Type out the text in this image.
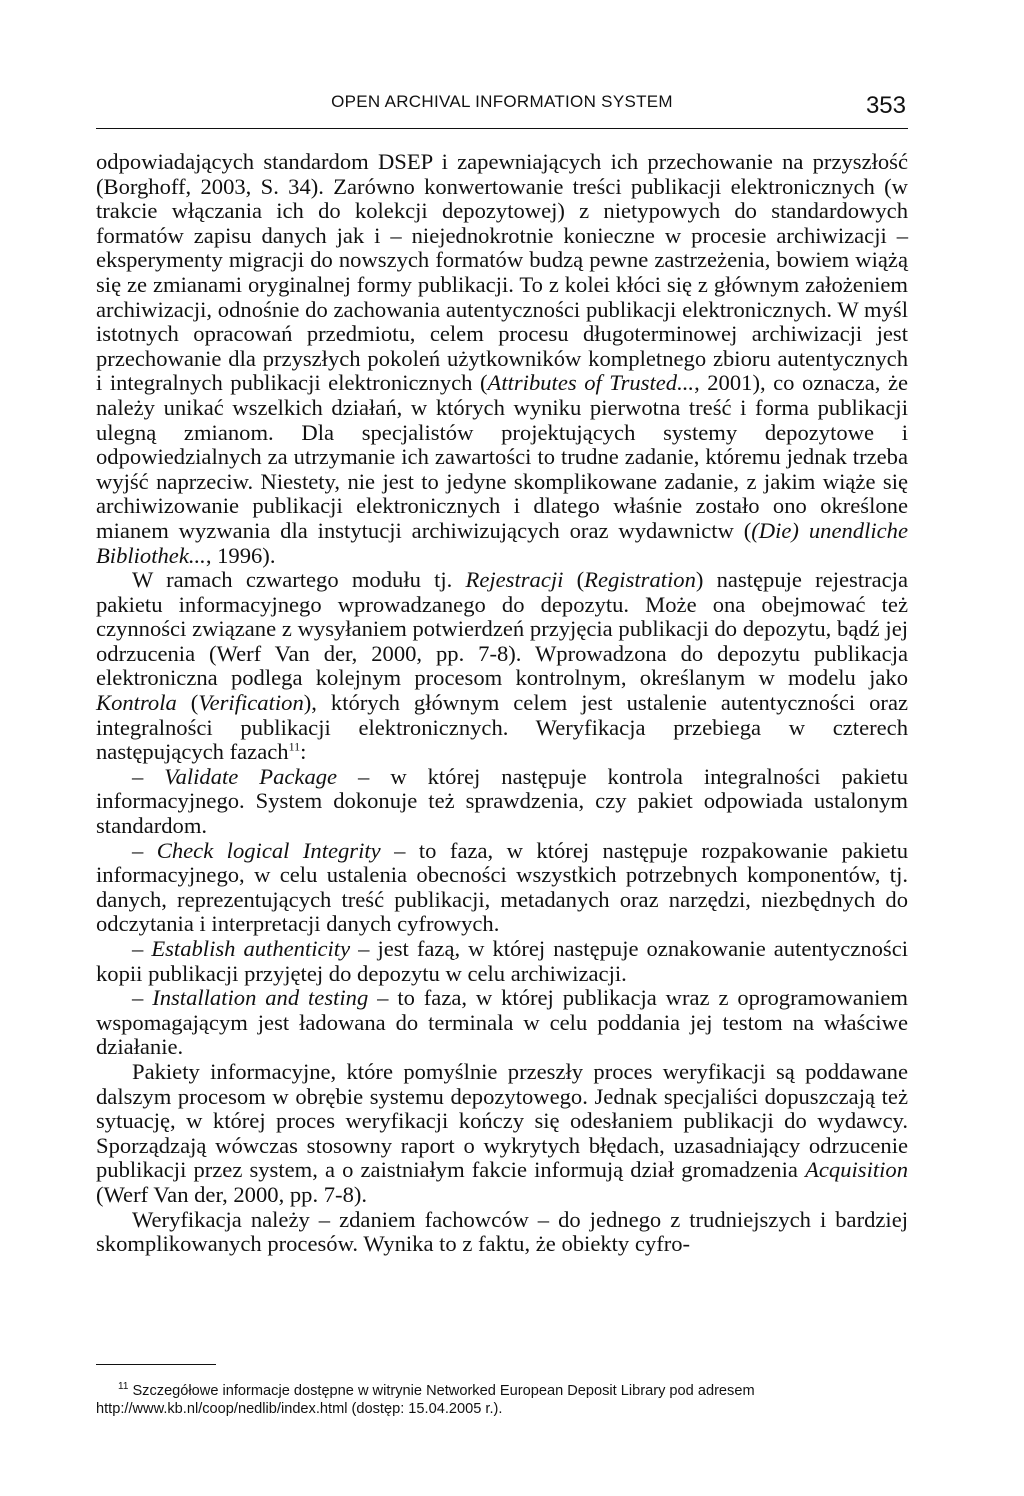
OPEN ARCHIVAL INFORMATION SYSTEM	353

odpowiadających standardom DSEP i zapewniających ich przechowanie na przyszłość (Borghoff, 2003, S. 34). Zarówno konwertowanie treści publikacji elektronicznych (w trakcie włączania ich do kolekcji depozytowej) z nietypowych do standardowych formatów zapisu danych jak i – niejednokrotnie konieczne w procesie archiwizacji – eksperymenty migracji do nowszych formatów budzą pewne zastrzeżenia, bowiem wiążą się ze zmianami oryginalnej formy publikacji. To z kolei kłóci się z głównym założeniem archiwizacji, odnośnie do zachowania autentyczności publikacji elektronicznych. W myśl istotnych opracowań przedmiotu, celem procesu długoterminowej archiwizacji jest przechowanie dla przyszłych pokoleń użytkowników kompletnego zbioru autentycznych i integralnych publikacji elektronicznych (Attributes of Trusted..., 2001), co oznacza, że należy unikać wszelkich działań, w których wyniku pierwotna treść i forma publikacji ulegną zmianom. Dla specjalistów projektujących systemy depozytowe i odpowiedzialnych za utrzymanie ich zawartości to trudne zadanie, któremu jednak trzeba wyjść naprzeciw. Niestety, nie jest to jedyne skomplikowane zadanie, z jakim wiąże się archiwizowanie publikacji elektronicznych i dlatego właśnie zostało ono określone mianem wyzwania dla instytucji archiwizujących oraz wydawnictw ((Die) unendliche Bibliothek..., 1996).

W ramach czwartego modułu tj. Rejestracji (Registration) następuje rejestracja pakietu informacyjnego wprowadzanego do depozytu. Może ona obejmować też czynności związane z wysyłaniem potwierdzeń przyjęcia publikacji do depozytu, bądź jej odrzucenia (Werf Van der, 2000, pp. 7-8). Wprowadzona do depozytu publikacja elektroniczna podlega kolejnym procesom kontrolnym, określanym w modelu jako Kontrola (Verification), których głównym celem jest ustalenie autentyczności oraz integralności publikacji elektronicznych. Weryfikacja przebiega w czterech następujących fazach$^{11}$:

– Validate Package – w której następuje kontrola integralności pakietu informacyjnego. System dokonuje też sprawdzenia, czy pakiet odpowiada ustalonym standardom.

– Check logical Integrity – to faza, w której następuje rozpakowanie pakietu informacyjnego, w celu ustalenia obecności wszystkich potrzebnych komponentów, tj. danych, reprezentujących treść publikacji, metadanych oraz narzędzi, niezbędnych do odczytania i interpretacji danych cyfrowych.

– Establish authenticity – jest fazą, w której następuje oznakowanie autentyczności kopii publikacji przyjętej do depozytu w celu archiwizacji.

– Installation and testing – to faza, w której publikacja wraz z oprogramowaniem wspomagającym jest ładowana do terminala w celu poddania jej testom na właściwe działanie.

Pakiety informacyjne, które pomyślnie przeszły proces weryfikacji są poddawane dalszym procesom w obrębie systemu depozytowego. Jednak specjaliści dopuszczają też sytuację, w której proces weryfikacji kończy się odesłaniem publikacji do wydawcy. Sporządzają wówczas stosowny raport o wykrytych błędach, uzasadniający odrzucenie publikacji przez system, a o zaistniałym fakcie informują dział gromadzenia Acquisition (Werf Van der, 2000, pp. 7-8).

Weryfikacja należy – zdaniem fachowców – do jednego z trudniejszych i bardziej skomplikowanych procesów. Wynika to z faktu, że obiekty cyfro-

$^{11}$ Szczegółowe informacje dostępne w witrynie Networked European Deposit Library pod adresem http://www.kb.nl/coop/nedlib/index.html (dostęp: 15.04.2005 r.).
